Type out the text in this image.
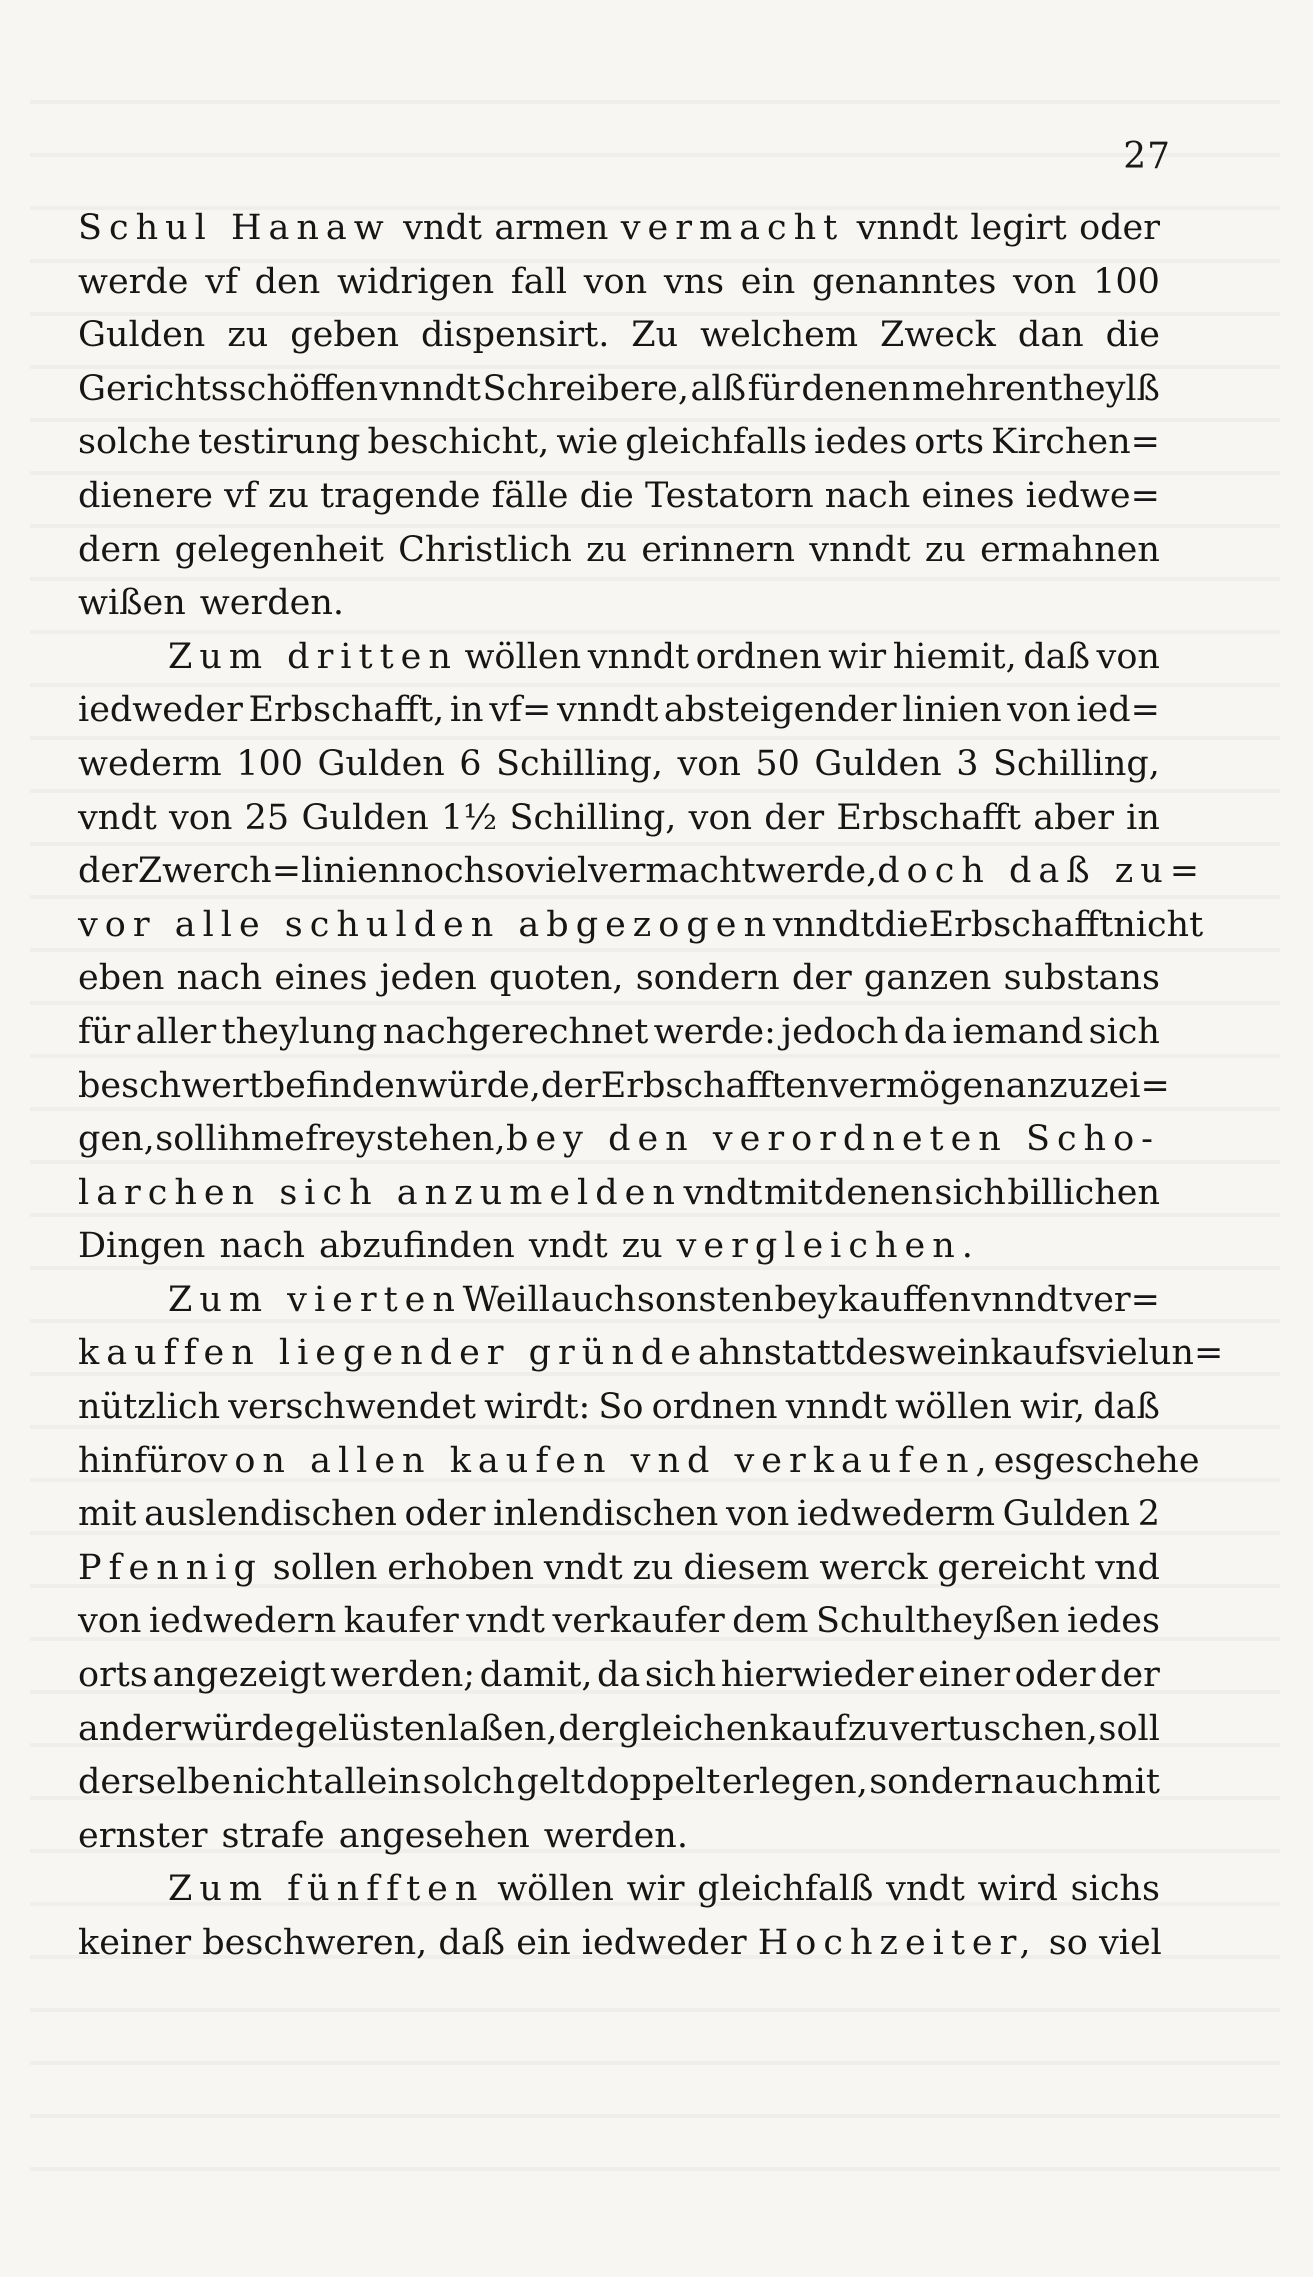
27
Schul Hanaw vndt armen vermacht vnndt legirt oder
werde vf den widrigen fall von vns ein genanntes von 100
Gulden zu geben dispensirt. Zu welchem Zweck dan die
Gerichtsschöffen vnndt Schreibere, alß für denen mehrentheylß
solche testirung beschicht, wie gleichfalls iedes orts Kirchen=
dienere vf zu tragende fälle die Testatorn nach eines iedwe=
dern gelegenheit Christlich zu erinnern vnndt zu ermahnen
wißen
werden.
Zum dritten wöllen vnndt ordnen wir hiemit, daß von
iedweder Erbschafft, in vf= vnndt absteigender linien von ied=
wederm 100 Gulden 6 Schilling, von 50 Gulden 3 Schilling,
vndt von 25 Gulden 1½ Schilling, von der Erbschafft aber in
der Zwerch=linien noch so viel vermacht werde, doch daß zu=
vor alle schulden abgezogen vnndt die Erbschafft nicht
eben nach eines jeden quoten, sondern der ganzen substans
für aller theylung nachgerechnet werde: jedoch da iemand sich
beschwert befinden würde, der Erbschafften vermögen anzuzei=
gen, soll ihme frey stehen, bey den verordneten Scho-
larchen sich anzumelden vndt mit denen sich billichen
Dingen
nach
abzufinden
vndt
zu
vergleichen.
Zum vierten Weill auch sonsten bey kauffen vnndt ver=
kauffen liegender gründe ahnstatt des weinkaufs viel un=
nützlich verschwendet wirdt: So ordnen vnndt wöllen wir, daß
hinfüro von allen kaufen vnd verkaufen, es geschehe
mit auslendischen oder inlendischen von iedwederm Gulden 2
Pfennig sollen erhoben vndt zu diesem werck gereicht vnd
von iedwedern kaufer vndt verkaufer dem Schultheyßen iedes
orts angezeigt werden; damit, da sich hierwieder einer oder der
ander würde gelüsten laßen, dergleichen kauf zu vertuschen, soll
derselbe nicht allein solch gelt doppelt erlegen, sondern auch mit
ernster
strafe
angesehen
werden.
Zum fünfften wöllen wir gleichfalß vndt wird sichs
keiner
beschweren,
daß
ein
iedweder
Hochzeiter,
so
viel
